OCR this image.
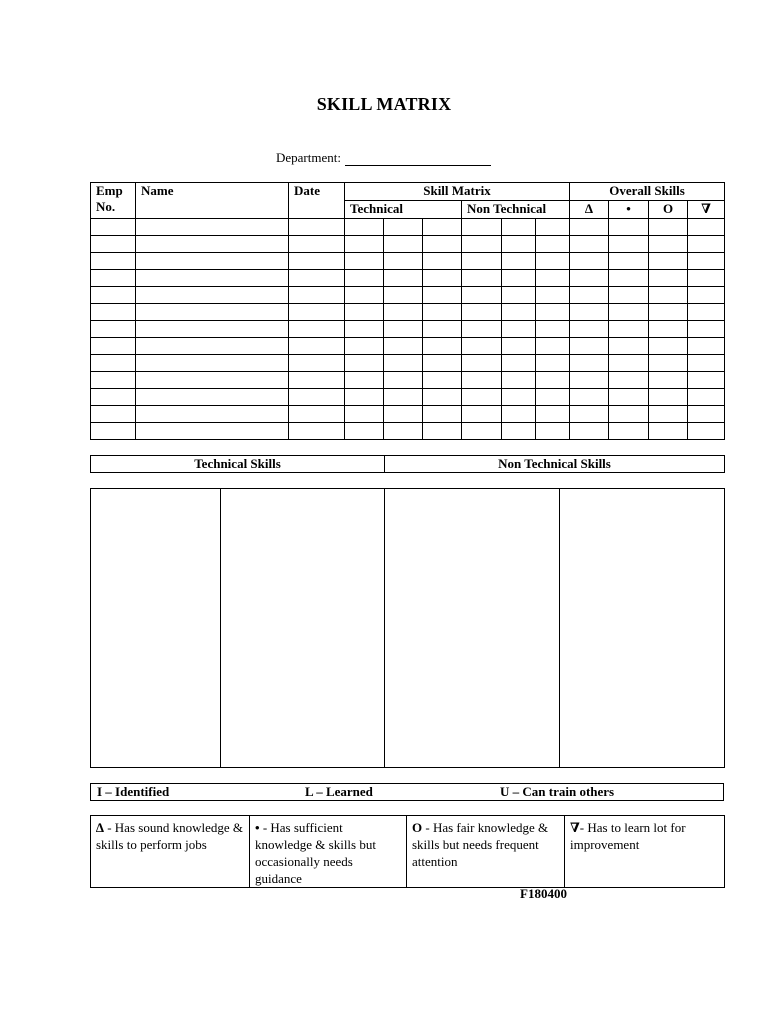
SKILL MATRIX
Department:
Emp No.	Name	Date	Skill Matrix						Overall Skills			
			Technical			Non Technical			∆	•	O	∇

Technical Skills	Non Technical Skills

I – Identified	L – Learned	U – Can train others
∆ - Has sound knowledge & skills to perform jobs	• - Has sufficient knowledge & skills but occasionally needs guidance	O - Has fair knowledge & skills but needs frequent attention	∇- Has to learn lot for improvement
F180400
